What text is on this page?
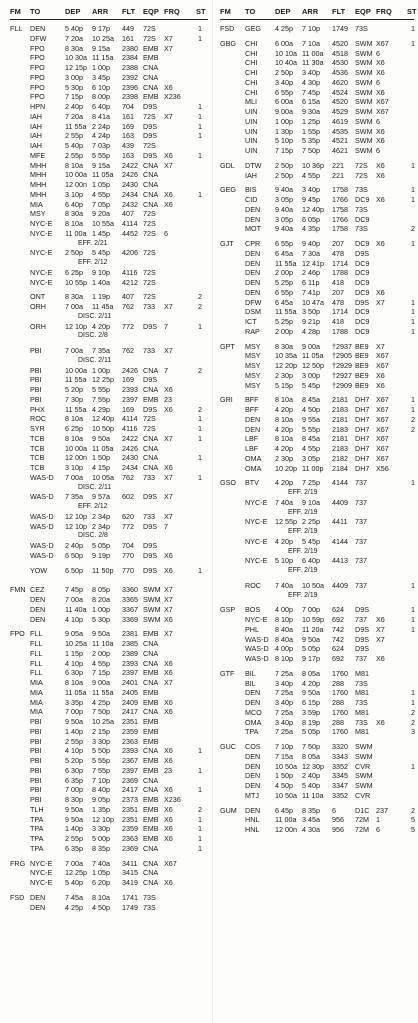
FM TO	DEP ARR FLT EQP FRQ ST
FLL DEN	5 40p 9 17p 449 72S	1
DFW	7 20a 10 25a 161 72S X7	1
FPO	8 30a 9 15a 2380 EMB X7
FPO	10 30a 11 15a 2384 EMB
FPO	12 15p 1 00p 2388 CNA
FPO	3 00p 3 45p 2392 CNA
FPO	5 30p 6 10p 2396 CNA X6
FPO	7 15p 8 00p 2398 EMB X236
HPN	2 40p 6 40p 704 D9S	1
IAH	7 20a 8 41a 161 72S X7	1
IAH	11 55a 2 24p 169 D9S	1
IAH	2 55p 4 24p 163 D9S	1
IAH	5 40p 7 03p 439 72S
MFE	2 55p 5 55p 163 D9S X6	1
MHH	8 10a 9 15a 2422 CNA X7
MHH	10 00a 11 05a 2426 CNA
MHH	12 00n 1 05p 2430 CNA
MHH	3 10p 4 55p 2434 CNA X6	1
MIA	6 40p 7 05p 2432 CNA X6
MSY	8 30a 9 20a 407 72S
NYC-E 8 10a 10 55a 4114 72S
NYC-E 11 00a 1 45p 4452 72S 6
EFF. 2/21
NYC-E 2 50p 5 45p 4206 72S
EFF. 2/12
NYC-E 6 25p 9 10p 4116 72S
NYC-E 10 55p 1 40a 4212 72S
ONT	8 30a 1 19p 407 72S	2
ORH	7 00a 11 45a 762 733 X7	2
DISC. 2/11
ORH	12 10p 4 20p 772 D9S 7	1
DISC. 2/8
PBI	7 00a 7 35a 762 733 X7
DISC. 2/11
PBI	10 00a 1 00p 2426 CNA 7	2
PBI	11 55a 12 25p 169 D9S
PBI	5 20p 5 55p 2393 CNA X6
PBI	7 30p 7 55p 2397 EMB 23
PHX	11 55a 4 29p 169 D9S X6	2
ROC	8 10a 12 40p 4114 72S	1
SYR	6 25p 10 50p 4116 72S	1
TCB	8 10a 9 50a 2422 CNA X7	1
TCB	10 00a 11 05a 2426 CNA
TCB	12 00n 1 50p 2430 CNA	1
TCB	3 10p 4 15p 2434 CNA X6
WAS-D 7 00a 10 05a 762 733 X7	1
DISC. 2/11
WAS-D 7 35a 9 57a 602 D9S X7
EFF. 2/12
WAS-D 12 10p 2 34p 620 733 X7
WAS-D 12 10p 2 34p 772 D9S 7
DISC. 2/8
WAS-D 2 40p 5 05p 704 D9S
WAS-D 6 50p 9 19p 770 D9S X6
YOW 6 50p 11 50p 770 D9S X6	1
FMN CEZ	7 45p 8 05p 3360 SWM X7
DEN	7 00a 8 20a 3365 SWM X7
DEN	11 40a 1 00p 3367 SWM X7
DEN	4 10p 5 30p 3369 SWM X6
FPO FLL	9 05a 9 50a 2381 EMB X7
FLL	10 25a 11 10a 2385 CNA
FLL	1 15p 2 00p 2389 CNA
FLL	4 10p 4 55p 2393 CNA X6
FLL	6 30p 7 15p 2397 EMB X6
MIA	8 10a 9 00a 2401 CNA X7
MIA	11 05a 11 55a 2405 EMB
MIA	3 35p 4 25p 2409 EMB X6
MIA	7 00p 7 50p 2417 CNA X6
PBI	9 50a 10 25a 2351 EMB
PBI	1 40p 2 15p 2359 EMB
PBI	2 55p 3 30p 2363 EMB
PBI	4 10p 5 50p 2393 CNA X6	1
PBI	5 20p 5 55p 2367 EMB X6
PBI	6 30p 7 55p 2397 EMB 23	1
PBI	6 35p 7 10p 2369 CNA
PBI	7 00p 8 40p 2417 CNA X6	1
PBI	8 30p 9 05p 2373 EMB X236
TLH	9 50a 1 35p 2351 EMB X6	2
TPA	9 50a 12 10p 2351 EMB X6	1
TPA	1 40p 3 30p 2359 EMB X6	1
TPA	2 55p 5 00p 2363 EMB X6	1
TPA	6 35p 8 35p 2369 CNA	1
FRG NYC-E 7 00a 7 40a 3411 CNA X67
NYC-E 12 25p 1 05p 3415 CNA
NYC-E 5 40p 6 20p 3419 CNA X6
FSD DEN	7 45a 8 10a 1741 73S
DEN	4 25p 4 50p 1749 73S
FM TO	DEP ARR FLT EQP FRQ ST
FSD GEG 4 25p 7 10p 1749 73S	1
GBG CHI 6 00a 7 10a 4520 SWM X67	1
CHI 10 10a 11 00a 4518 SWM 6
CHI 10 40a 11 30a 4530 SWM X6
CHI 2 50p 3 40p 4536 SWM X6
CHI 3 40p 4 30p 4620 SWM 6
CHI 6 55p 7 45p 4524 SWM X6
MLI	6 00a 6 15a 4520 SWM X67
UIN 9 00a 9 30a 4529 SWM X67
UIN 1 00p 1 25p 4619 SWM 6
UIN 1 30p 1 55p 4535 SWM X6
UIN 5 10p 5 35p 4521 SWM X6
UIN 7 15p 7 50p 4621 SWM 6
GDL DTW 2 50p 10 36p 221 72S X6	1
IAH	2 50p 4 55p 221 72S X6
GEG BIS	9 40a 3 40p 1758 73S	1
CID 3 05p 9 45p 1766 DC9 X6	1
DEN 9 40a 12 40p 1758 73S
DEN 3 05p 6 05p 1766 DC9
MOT 9 40a 4 35p 1758 73S	2
GJT CPR 6 55p 9 40p 207 DC9 X6	1
DEN 6 45a 7 30a 478 D9S
DEN 11 55a 12 41p 1714 DC9
DEN 2 00p 2 46p 1788 DC9
DEN 5 25p 6 11p 418 DC9
DEN 6 55p 7 41p 207 DC9 X6
DFW 6 45a 10 47a 478 D9S X7	1
DSM 11 55a 3 50p 1714 DC9	1
ICT	5 25p 9 21p 418 DC9	1
RAP 2 00p 4 28p 1788 DC9	1
GPT MSY 8 30a 9 00a †2937 BE9 X7
MSY 10 35a 11 05a †2905 BE9 X67
MSY 12 20p 12 50p †2929 BE9 X67
MSY 2 30p 3 00p †2927 BE9 X6
MSY 5 15p 5 45p †2909 BE9 X6
GRI BFF 8 10a 8 45a 2181 DH7 X67	1
BFF 4 20p 4 50p 2183 DH7 X67	1
DEN 8 10a 9 55a 2181 DH7 X67	2
DEN 4 20p 5 55p 2183 DH7 X67	2
LBF 8 10a 8 45a 2181 DH7 X67
LBF 4 20p 4 55p 2183 DH7 X67
OMA 2 30p 3 05p 2182 DH7 X67
OMA 10 20p 11 00p 2184 DH7 X56
GSO BTV 4 20p 7 25p 4144 737	1
EFF. 2/19
NYC-E 7 40a 9 10a 4409 737
EFF. 2/19
NYC-E 12 55p 2 25p 4411 737
EFF. 2/19
NYC-E 4 20p 5 45p 4144 737
EFF. 2/19
NYC-E 5 10p 6 40p 4413 737
EFF. 2/19
ROC 7 40a 10 50a 4409 737	1
EFF. 2/19
GSP BOS 4 00p 7 00p 624 D9S	1
NYC-E 8 10p 10 59p 692 737 X6	1
PHL 8 40a 11 20a 742 D9S X7	1
WAS-D 8 40a 9 50a 742 D9S X7
WAS-D 4 00p 5 05p 624 D9S
WAS-D 8 10p 9 17p 692 737 X6
GTF BIL	7 25a 8 05a 1760 M81
BIL	3 40p 4 20p 288 73S
DEN 7 25a 9 50a 1760 M81	1
DEN 3 40p 6 15p 288 73S	1
MCO 7 25a 3 59p 1760 M81	2
OMA 3 40p 8 19p 288 73S X6	2
TPA 7 25a 5 05p 1760 M81	3
GUC COS 7 10p 7 50p 3320 SWM
DEN 7 15a 8 05a 3343 SWM
DEN 10 50a 12 30p 3352 CVR	1
DEN 1 50p 2 40p 3345 SWM
DEN 4 50p 5 40p 3347 SWM
MTJ 10 50a 11 10a 3352 CVR
GUM DEN 6 45p 8 35p 6	D1C 237	2
HNL 11 00a 3 45a 956 72M 1	5
HNL 12 00n 4 30a 956 72M 6	5
